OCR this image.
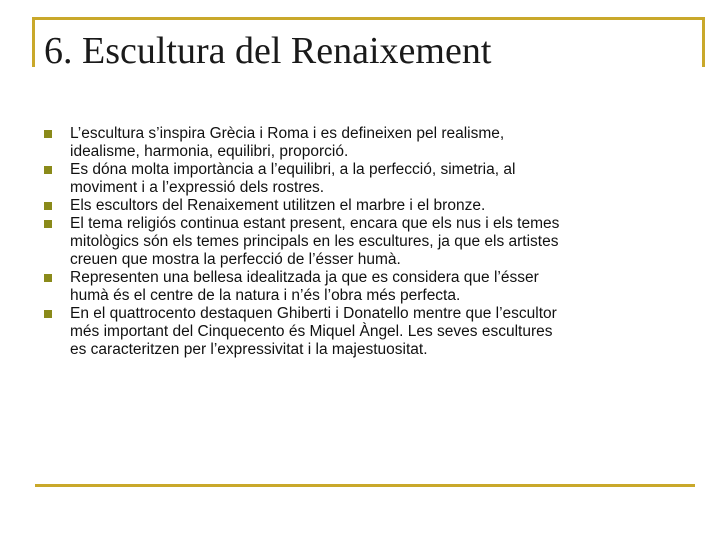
6. Escultura del Renaixement
L’escultura s’inspira Grècia i Roma i es defineixen pel realisme,
idealisme, harmonia, equilibri, proporció.
Es dóna molta importància a l’equilibri, a la perfecció, simetria, al
moviment i a l’expressió dels rostres.
Els escultors del Renaixement utilitzen el marbre i el bronze.
El tema religiós continua estant present, encara que els nus i els temes
mitològics són els temes principals en les escultures, ja que els artistes
creuen que mostra la perfecció de l’ésser humà.
Representen una bellesa idealitzada ja que es considera que l’ésser
humà és el centre de la natura i n’és l’obra més perfecta.
En el quattrocento destaquen Ghiberti i Donatello mentre que l’escultor
més important del Cinquecento és Miquel Àngel. Les seves escultures
es caracteritzen per l’expressivitat i la majestuositat.
